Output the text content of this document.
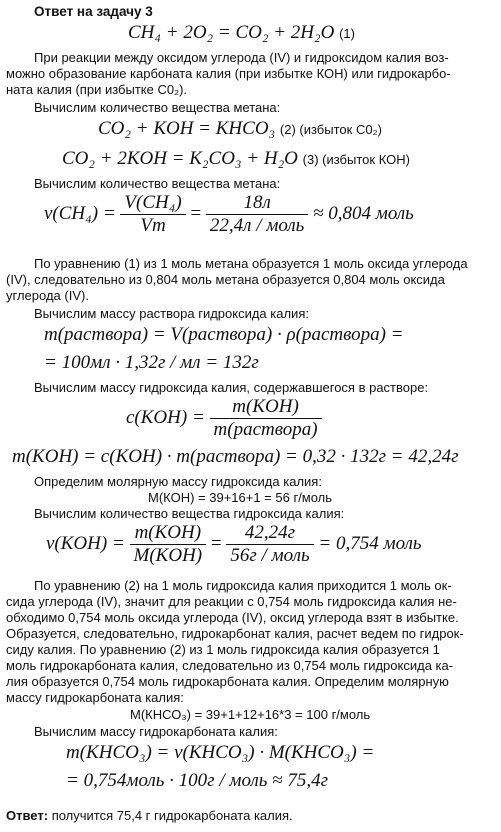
Ответ на задачу 3
CH₄ + 2O₂ = CO₂ + 2H₂O (1)
При реакции между оксидом углерода (IV) и гидроксидом калия воз-
можно образование карбоната калия (при избытке КОН) или гидрокарбо-
ната калия (при избытке С0₂).
Вычислим количество вещества метана:
CO₂ + KOH = KHCO₃ (2) (избыток С0₂)
CO₂ + 2KOH = K₂CO₃ + H₂O (3) (избыток КОН)
Вычислим количество вещества метана:
$\nu(CH_4) = \frac{\text{V(CH₄)}}{Vm} = \frac{18л}{\text{22,4л / моль}} \approx 0,804$ моль
По уравнению (1) из 1 моль метана образуется 1 моль оксида углерода
(IV), следовательно из 0,804 моль метана образуется 0,804 моль оксида
углерода (IV).
Вычислим массу раствора гидроксида калия:
m(раствора) = V(раствора) · ρ(раствора) =
= 100мл · 1,32г / мл = 132г
Вычислим массу гидроксида калия, содержавшегося в растворе:
$c(KOH) = \frac{\text{m(KOH)}}{\text{m(раствора)}}$
m(KOH) = c(KOH) · m(раствора) = 0,32 · 132г = 42,24г
Определим молярную массу гидроксида калия:
М(КОН) = 39+16+1 = 56 г/моль
Вычислим количество вещества гидроксида калия:
$\nu(KOH) = \frac{\text{m(KOH)}}{\text{M(KOH)}} = \frac{42,24г}{\text{56г / моль}} = 0,754$ моль
По уравнению (2) на 1 моль гидроксида калия приходится 1 моль ок-
сида углерода (IV), значит для реакции с 0,754 моль гидроксида калия не-
обходимо 0,754 моль оксида углерода (IV), оксид углерода взят в избытке.
Образуется, следовательно, гидрокарбонат калия, расчет ведем по гидрок-
сиду калия. По уравнению (2) из 1 моль гидроксида калия образуется 1
моль гидрокарбоната калия, следовательно из 0,754 моль гидроксида ка-
лия образуется 0,754 моль гидрокарбоната калия. Определим молярную
массу гидрокарбоната калия:
М(КНСО₃) = 39+1+12+16*3 = 100 г/моль
Вычислим массу гидрокарбоната калия:
m(KHCO₃) = ν(KHCO₃) · M(KHCO₃) =
= 0,754моль · 100г / моль ≈ 75,4г
Ответ: получится 75,4 г гидрокарбоната калия.
